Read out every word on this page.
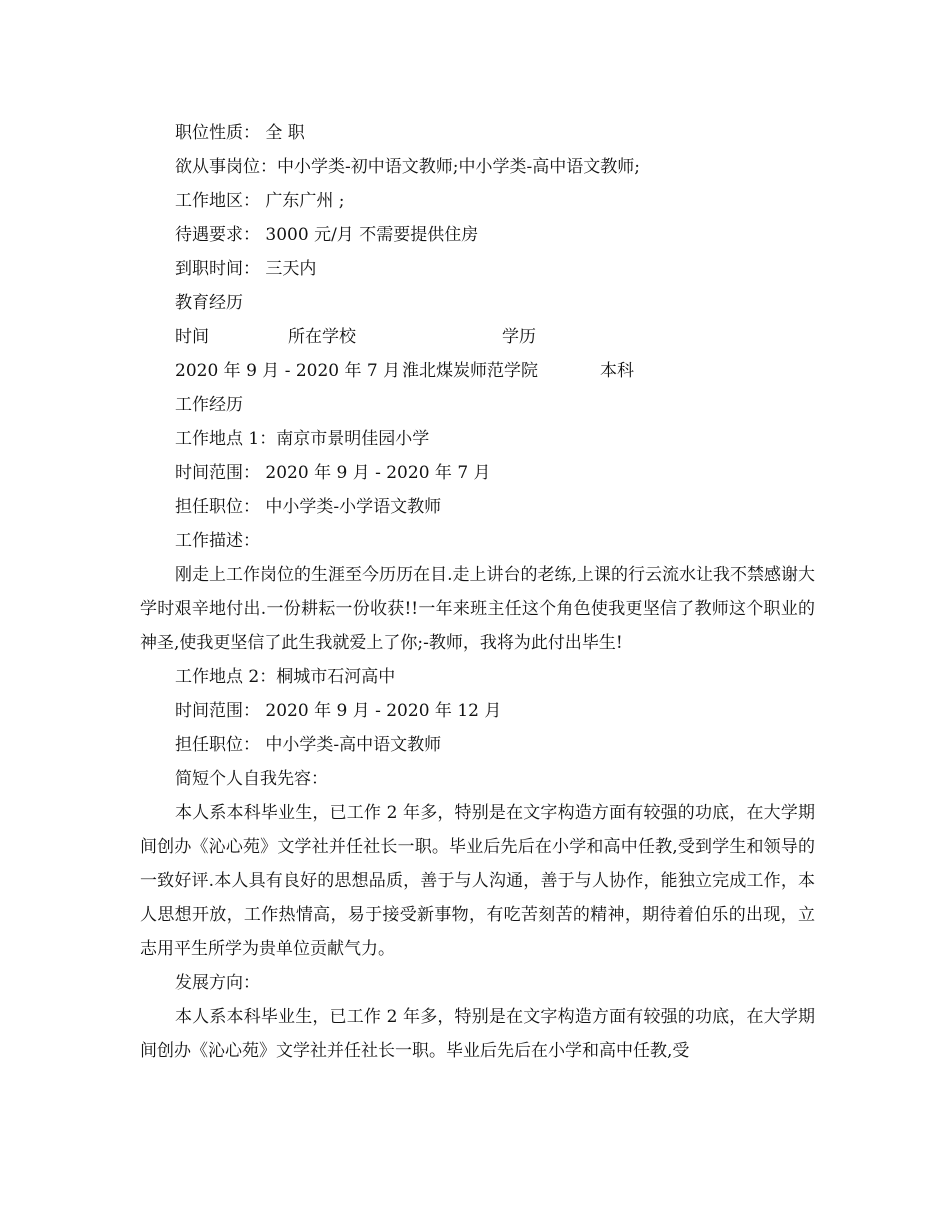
职位性质： 全 职
欲从事岗位：中小学类-初中语文教师;中小学类-高中语文教师;
工作地区： 广东广州 ;
待遇要求： 3000 元/月 不需要提供住房
到职时间： 三天内
教育经历
时间	所在学校	学历
2020 年 9 月 - 2020 年 7 月 淮北煤炭师范学院	本科
工作经历
工作地点 1：南京市景明佳园小学
时间范围： 2020 年 9 月 - 2020 年 7 月
担任职位： 中小学类-小学语文教师
工作描述：

刚走上工作岗位的生涯至今历历在目.走上讲台的老练,上课的行云流水让我不禁感谢大学时艰辛地付出.一份耕耘一份收获!!一年来班主任这个角色使我更坚信了教师这个职业的神圣,使我更坚信了此生我就爱上了你;-教师，我将为此付出毕生!

工作地点 2：桐城市石河高中
时间范围： 2020 年 9 月 - 2020 年 12 月
担任职位： 中小学类-高中语文教师
简短个人自我先容：

本人系本科毕业生，已工作 2 年多，特别是在文字构造方面有较强的功底，在大学期间创办《沁心苑》文学社并任社长一职。毕业后先后在小学和高中任教,受到学生和领导的一致好评.本人具有良好的思想品质，善于与人沟通，善于与人协作，能独立完成工作，本人思想开放，工作热情高，易于接受新事物，有吃苦刻苦的精神，期待着伯乐的出现，立志用平生所学为贵单位贡献气力。

发展方向：

本人系本科毕业生，已工作 2 年多，特别是在文字构造方面有较强的功底，在大学期间创办《沁心苑》文学社并任社长一职。毕业后先后在小学和高中任教,受
